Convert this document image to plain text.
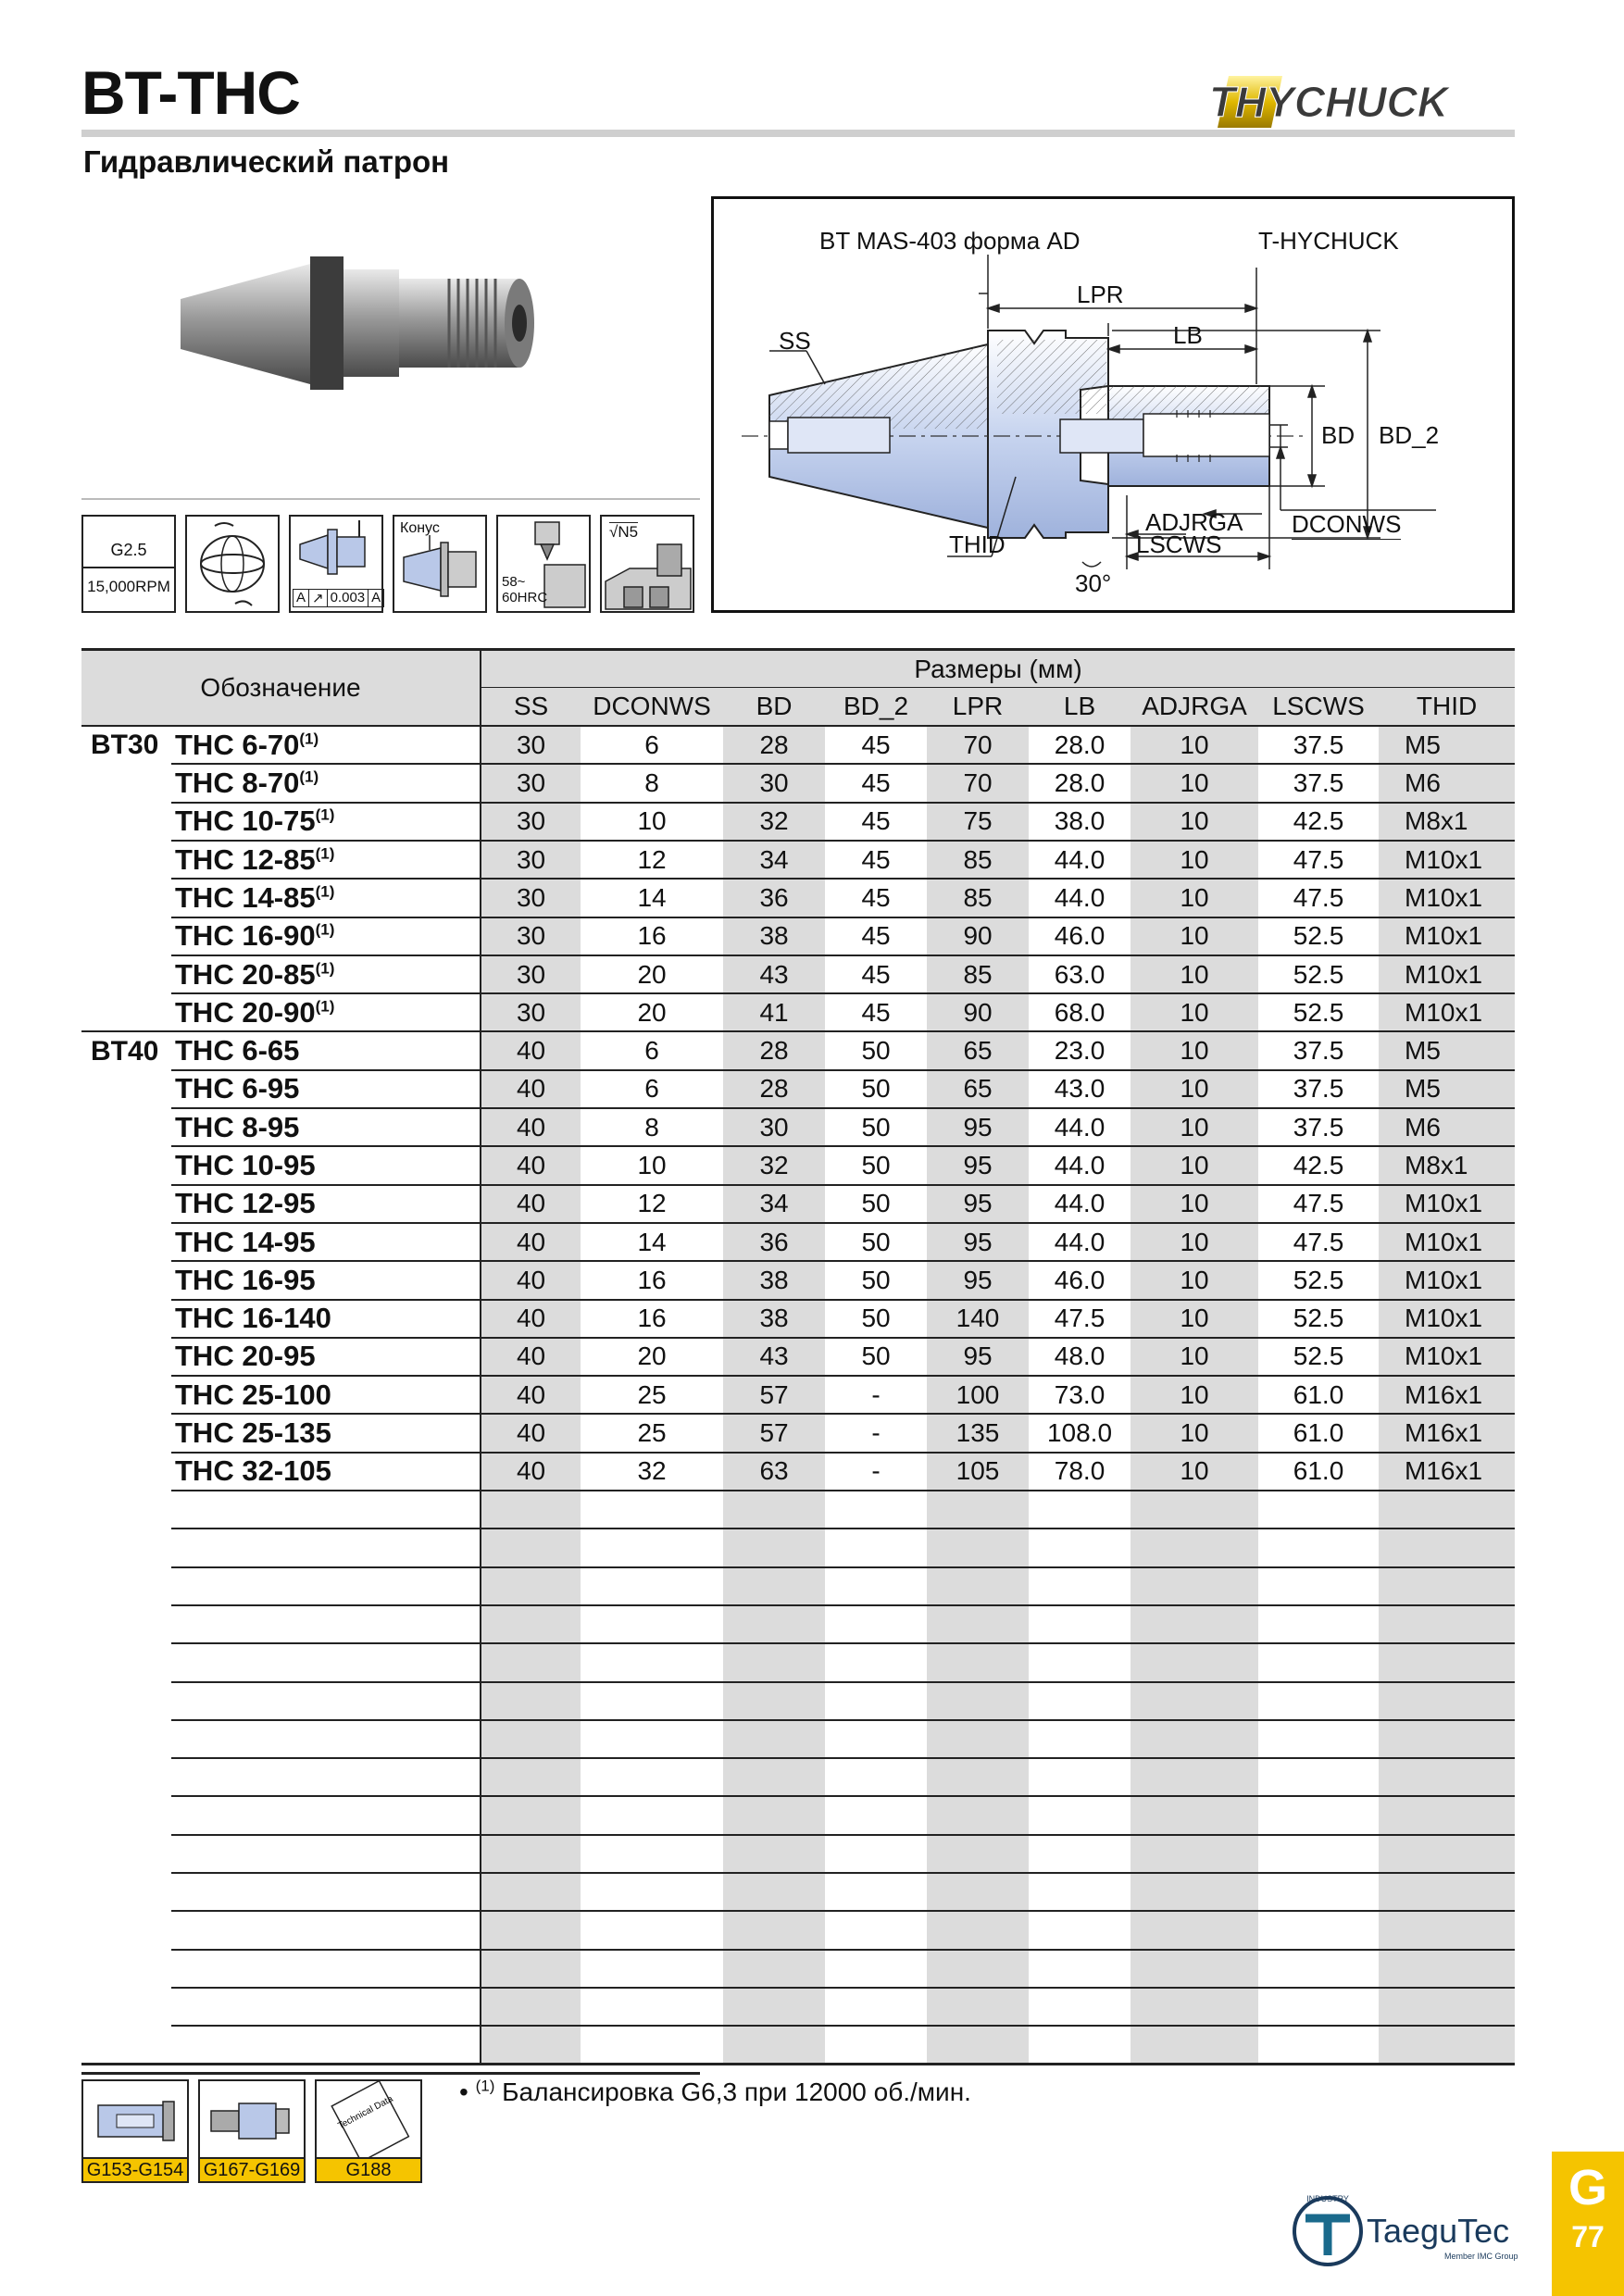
BT-THC
Гидравлический патрон
THYCHUCK
G2.5
15,000RPM
A ↗ 0.003 A
Конус
58~
60HRC
√N5
BT MAS-403 форма AD	T-HYCHUCK
LPR
LB
SS
BD BD_2
ADJRGA DCONWS
THID	LSCWS
30°
Обозначение		Размеры (мм)								
		SS	DCONWS	BD	BD_2	LPR	LB	ADJRGA	LSCWS	THID
BT30	THC 6-70$^{(1)}$	30	6	28	45	70	28.0	10	37.5	M5
	THC 8-70$^{(1)}$	30	8	30	45	70	28.0	10	37.5	M6
	THC 10-75$^{(1)}$	30	10	32	45	75	38.0	10	42.5	M8x1
	THC 12-85$^{(1)}$	30	12	34	45	85	44.0	10	47.5	M10x1
	THC 14-85$^{(1)}$	30	14	36	45	85	44.0	10	47.5	M10x1
	THC 16-90$^{(1)}$	30	16	38	45	90	46.0	10	52.5	M10x1
	THC 20-85$^{(1)}$	30	20	43	45	85	63.0	10	52.5	M10x1
	THC 20-90$^{(1)}$	30	20	41	45	90	68.0	10	52.5	M10x1
BT40	THC 6-65	40	6	28	50	65	23.0	10	37.5	M5
	THC 6-95	40	6	28	50	65	43.0	10	37.5	M5
	THC 8-95	40	8	30	50	95	44.0	10	37.5	M6
	THC 10-95	40	10	32	50	95	44.0	10	42.5	M8x1
	THC 12-95	40	12	34	50	95	44.0	10	47.5	M10x1
	THC 14-95	40	14	36	50	95	44.0	10	47.5	M10x1
	THC 16-95	40	16	38	50	95	46.0	10	52.5	M10x1
	THC 16-140	40	16	38	50	140	47.5	10	52.5	M10x1
	THC 20-95	40	20	43	50	95	48.0	10	52.5	M10x1
	THC 25-100	40	25	57	-	100	73.0	10	61.0	M16x1
	THC 25-135	40	25	57	-	135	108.0	10	61.0	M16x1
	THC 32-105	40	32	63	-	105	78.0	10	61.0	M16x1

G153-G154 G167-G169
Technical Data
G188
• $^{(1)}$ Балансировка G6,3 при 12000 об./мин.
INDUSTRY
TaeguTec
Member IMC Group
G
77
